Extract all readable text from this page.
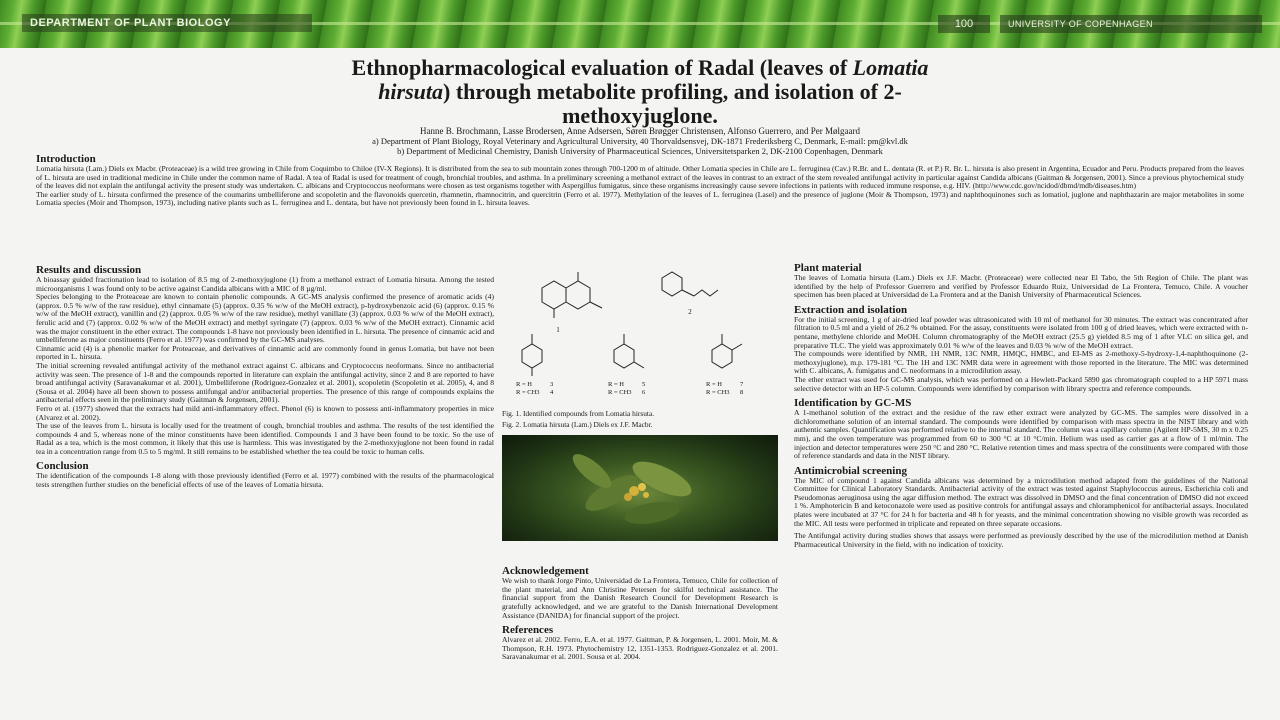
DEPARTMENT OF PLANT BIOLOGY	100	UNIVERSITY OF COPENHAGEN
Ethnopharmacological evaluation of Radal (leaves of Lomatia
hirsuta) through metabolite profiling, and isolation of 2-
methoxyjuglone.
Hanne B. Brochmann, Lasse Brodersen, Anne Adsersen, Søren Brøgger Christensen, Alfonso Guerrero, and Per Mølgaard
a) Department of Plant Biology, Royal Veterinary and Agricultural University, 40 Thorvaldsensvej, DK-1871 Frederiksberg C, Denmark, E-mail: pm@kvl.dk
b) Department of Medicinal Chemistry, Danish University of Pharmaceutical Sciences, Universitetsparken 2, DK-2100 Copenhagen, Denmark
Introduction

Lomatia hirsuta (Lam.) Diels ex Macbr. (Proteaceae) is a wild tree growing in Chile from Coquimbo to Chiloe (IV-X Regions). It is distributed from the sea to sub mountain zones through 700-1200 m of altitude. Other Lomatia species in Chile are L. ferruginea (Cav.) R.Br. and L. dentata (R. et P.) R. Br. L. hirsuta is also present in Argentina, Ecuador and Peru. Products prepared from the leaves of L. hirsuta are used in traditional medicine in Chile under the common name of Radal. A tea of Radal is used for treatment of cough, bronchial troubles, and asthma. In a preliminary screening a methanol extract of the leaves in contrast to an extract of the stem revealed antifungal activity in particular against Candida albicans (Gaitman & Jorgensen, 2001). Since a previous phytochemical study of the leaves did not explain the antifungal activity the present study was undertaken. C. albicans and Cryptococcus neoformans were chosen as test organisms together with Aspergillus fumigatus, since these organisms increasingly cause severe infections in patients with reduced immune response, e.g. HIV. (http://www.cdc.gov/ncidod/dbmd/mdb/diseases.htm)

The earlier study of L. hirsuta confirmed the presence of the coumarins umbelliferone and scopoletin and the flavonoids quercetin, rhamnetin, rhamnocitrin, and quercitrin (Ferro et al. 1977). Methylation of the leaves of L. ferruginea (Lasel) and the presence of juglone (Moir & Thompson, 1973) and naphthoquinones such as lomatiol, juglone and naphthazarin are major metabolites in some Lomatia species (Moir and Thompson, 1973), including native plants such as L. ferruginea and L. dentata, but have not previously been found in L. hirsuta leaves.

Results and discussion

A bioassay guided fractionation lead to isolation of 8.5 mg of 2-methoxyjuglone (1) from a methanol extract of Lomatia hirsuta. Among the tested microorganisms 1 was found only to be active against Candida albicans with a MIC of 8 µg/ml.

Species belonging to the Proteaceae are known to contain phenolic compounds. A GC-MS analysis confirmed the presence of aromatic acids (4) (approx. 0.5 % w/w of the raw residue), ethyl cinnamate (5) (approx. 0.35 % w/w of the MeOH extract), p-hydroxybenzoic acid (6) (approx. 0.15 % w/w of the MeOH extract), vanillin and (2) (approx. 0.05 % w/w of the raw residue), methyl vanillate (3) (approx. 0.03 % w/w of the MeOH extract), ferulic acid and (7) (approx. 0.02 % w/w of the MeOH extract) and methyl syringate (7) (approx. 0.03 % w/w of the MeOH extract). Cinnamic acid was the major constituent in the ether extract. The compounds 1-8 have not previously been identified in L. hirsuta. The presence of cinnamic acid and umbelliferone as major constituents (Ferro et al. 1977) was confirmed by the GC-MS analyses.

Cinnamic acid (4) is a phenolic marker for Proteaceae, and derivatives of cinnamic acid are commonly found in genus Lomatia, but have not been reported in L. hirsuta.

The initial screening revealed antifungal activity of the methanol extract against C. albicans and Cryptococcus neoformans. Since no antibacterial activity was seen. The presence of 1-8 and the compounds reported in literature can explain the antifungal activity, since 2 and 8 are reported to have broad antifungal activity (Saravanakumar et al. 2001), Umbelliferone (Rodriguez-Gonzalez et al. 2001), scopoletin (Scopoletin et al. 2005), 4, and 8 (Sousa et al. 2004) have all been shown to possess antifungal and/or antibacterial properties. The presence of this range of compounds explains the antibacterial effects seen in the preliminary study (Gaitman & Jorgensen, 2001).

Ferro et al. (1977) showed that the extracts had mild anti-inflammatory effect. Phenol (6) is known to possess anti-inflammatory properties in mice (Alvarez et al. 2002).

The use of the leaves from L. hirsuta is locally used for the treatment of cough, bronchial troubles and asthma. The results of the test identified the compounds 4 and 5, whereas none of the minor constituents have been identified. Compounds 1 and 3 have been found to be toxic. So the use of Radal as a tea, which is the most common, it likely that this use is harmless. This was investigated by the 2-methoxyjuglone not been found in radal tea in a concentration range from 0.5 to 5 mg/ml. It still remains to be established whether the tea could be toxic to human cells.

Conclusion

The identification of the compounds 1-8 along with those previously identified (Ferro et al. 1977) combined with the results of the pharmacological tests strengthen further studies on the beneficial effects of use of the leaves of Lomatia hirsuta.

1
2
R = H
R = CH3
R = H
R = CH3
R = H
R = CH3
3
4
5
6
7
8
Fig. 1. Identified compounds from Lomatia hirsuta.
Fig. 2. Lomatia hirsuta (Lam.) Diels ex J.F. Macbr.
Acknowledgement

We wish to thank Jorge Pinto, Universidad de La Frontera, Temuco, Chile for collection of the plant material, and Ann Christine Petersen for skilful technical assistance. The financial support from the Danish Research Council for Development Research is gratefully acknowledged, and we are grateful to the Danish International Development Assistance (DANIDA) for financial support of the project.

References

Alvarez et al. 2002. Ferro, E.A. et al. 1977. Gaitman, P. & Jorgensen, L. 2001. Moir, M. & Thompson, R.H. 1973. Phytochemistry 12, 1351-1353. Rodriguez-Gonzalez et al. 2001. Saravanakumar et al. 2001. Sousa et al. 2004.

Plant material

The leaves of Lomatia hirsuta (Lam.) Diels ex J.F. Macbr. (Proteaceae) were collected near El Tabo, the 5th Region of Chile. The plant was identified by the help of Professor Guerrero and verified by Professor Eduardo Ruiz, Universidad de La Frontera, Temuco, Chile. A voucher specimen has been placed at Universidad de La Frontera and at the Danish University of Pharmaceutical Sciences.

Extraction and isolation

For the initial screening, 1 g of air-dried leaf powder was ultrasonicated with 10 ml of methanol for 30 minutes. The extract was concentrated after filtration to 0.5 ml and a yield of 26.2 % obtained. For the assay, constituents were isolated from 100 g of dried leaves, which were extracted with n-pentane, methylene chloride and MeOH. Column chromatography of the MeOH extract (25.5 g) yielded 8.5 mg of 1 after VLC on silica gel, and preparative TLC. The yield was approximately 0.01 % w/w of the leaves and 0.03 % w/w of the MeOH extract.

The compounds were identified by NMR, 1H NMR, 13C NMR, HMQC, HMBC, and EI-MS as 2-methoxy-5-hydroxy-1,4-naphthoquinone (2-methoxyjuglone), m.p. 179-181 °C. The 1H and 13C NMR data were in agreement with those reported in the literature. The MIC was determined with C. albicans, A. fumigatus and C. neoformans in a microdilution assay.

The ether extract was used for GC-MS analysis, which was performed on a Hewlett-Packard 5890 gas chromatograph coupled to a HP 5971 mass selective detector with an HP-5 column. Compounds were identified by comparison with library spectra and reference compounds.

Identification by GC-MS

A 1-methanol solution of the extract and the residue of the raw ether extract were analyzed by GC-MS. The samples were dissolved in a dichloromethane solution of an internal standard. The compounds were identified by comparison with mass spectra in the NIST library and with authentic samples. Quantification was performed relative to the internal standard. The column was a capillary column (Agilent HP-5MS, 30 m x 0.25 mm), and the oven temperature was programmed from 60 to 300 °C at 10 °C/min. Helium was used as carrier gas at a flow of 1 ml/min. The injection and detector temperatures were 250 °C and 280 °C. Relative retention times and mass spectra of the constituents were compared with those of reference standards and data in the NIST library.

Antimicrobial screening

The MIC of compound 1 against Candida albicans was determined by a microdilution method adapted from the guidelines of the National Committee for Clinical Laboratory Standards. Antibacterial activity of the extract was tested against Staphylococcus aureus, Escherichia coli and Pseudomonas aeruginosa using the agar diffusion method. The extract was dissolved in DMSO and the final concentration of DMSO did not exceed 1 %. Amphotericin B and ketoconazole were used as positive controls for antifungal assays and chloramphenicol for antibacterial assays. Inoculated plates were incubated at 37 °C for 24 h for bacteria and 48 h for yeasts, and the minimal concentration showing no visible growth was recorded as the MIC. All tests were performed in triplicate and repeated on three separate occasions.

The Antifungal activity during studies shows that assays were performed as previously described by the use of the microdilution method at Danish Pharmaceutical University in the field, with no indication of toxicity.
